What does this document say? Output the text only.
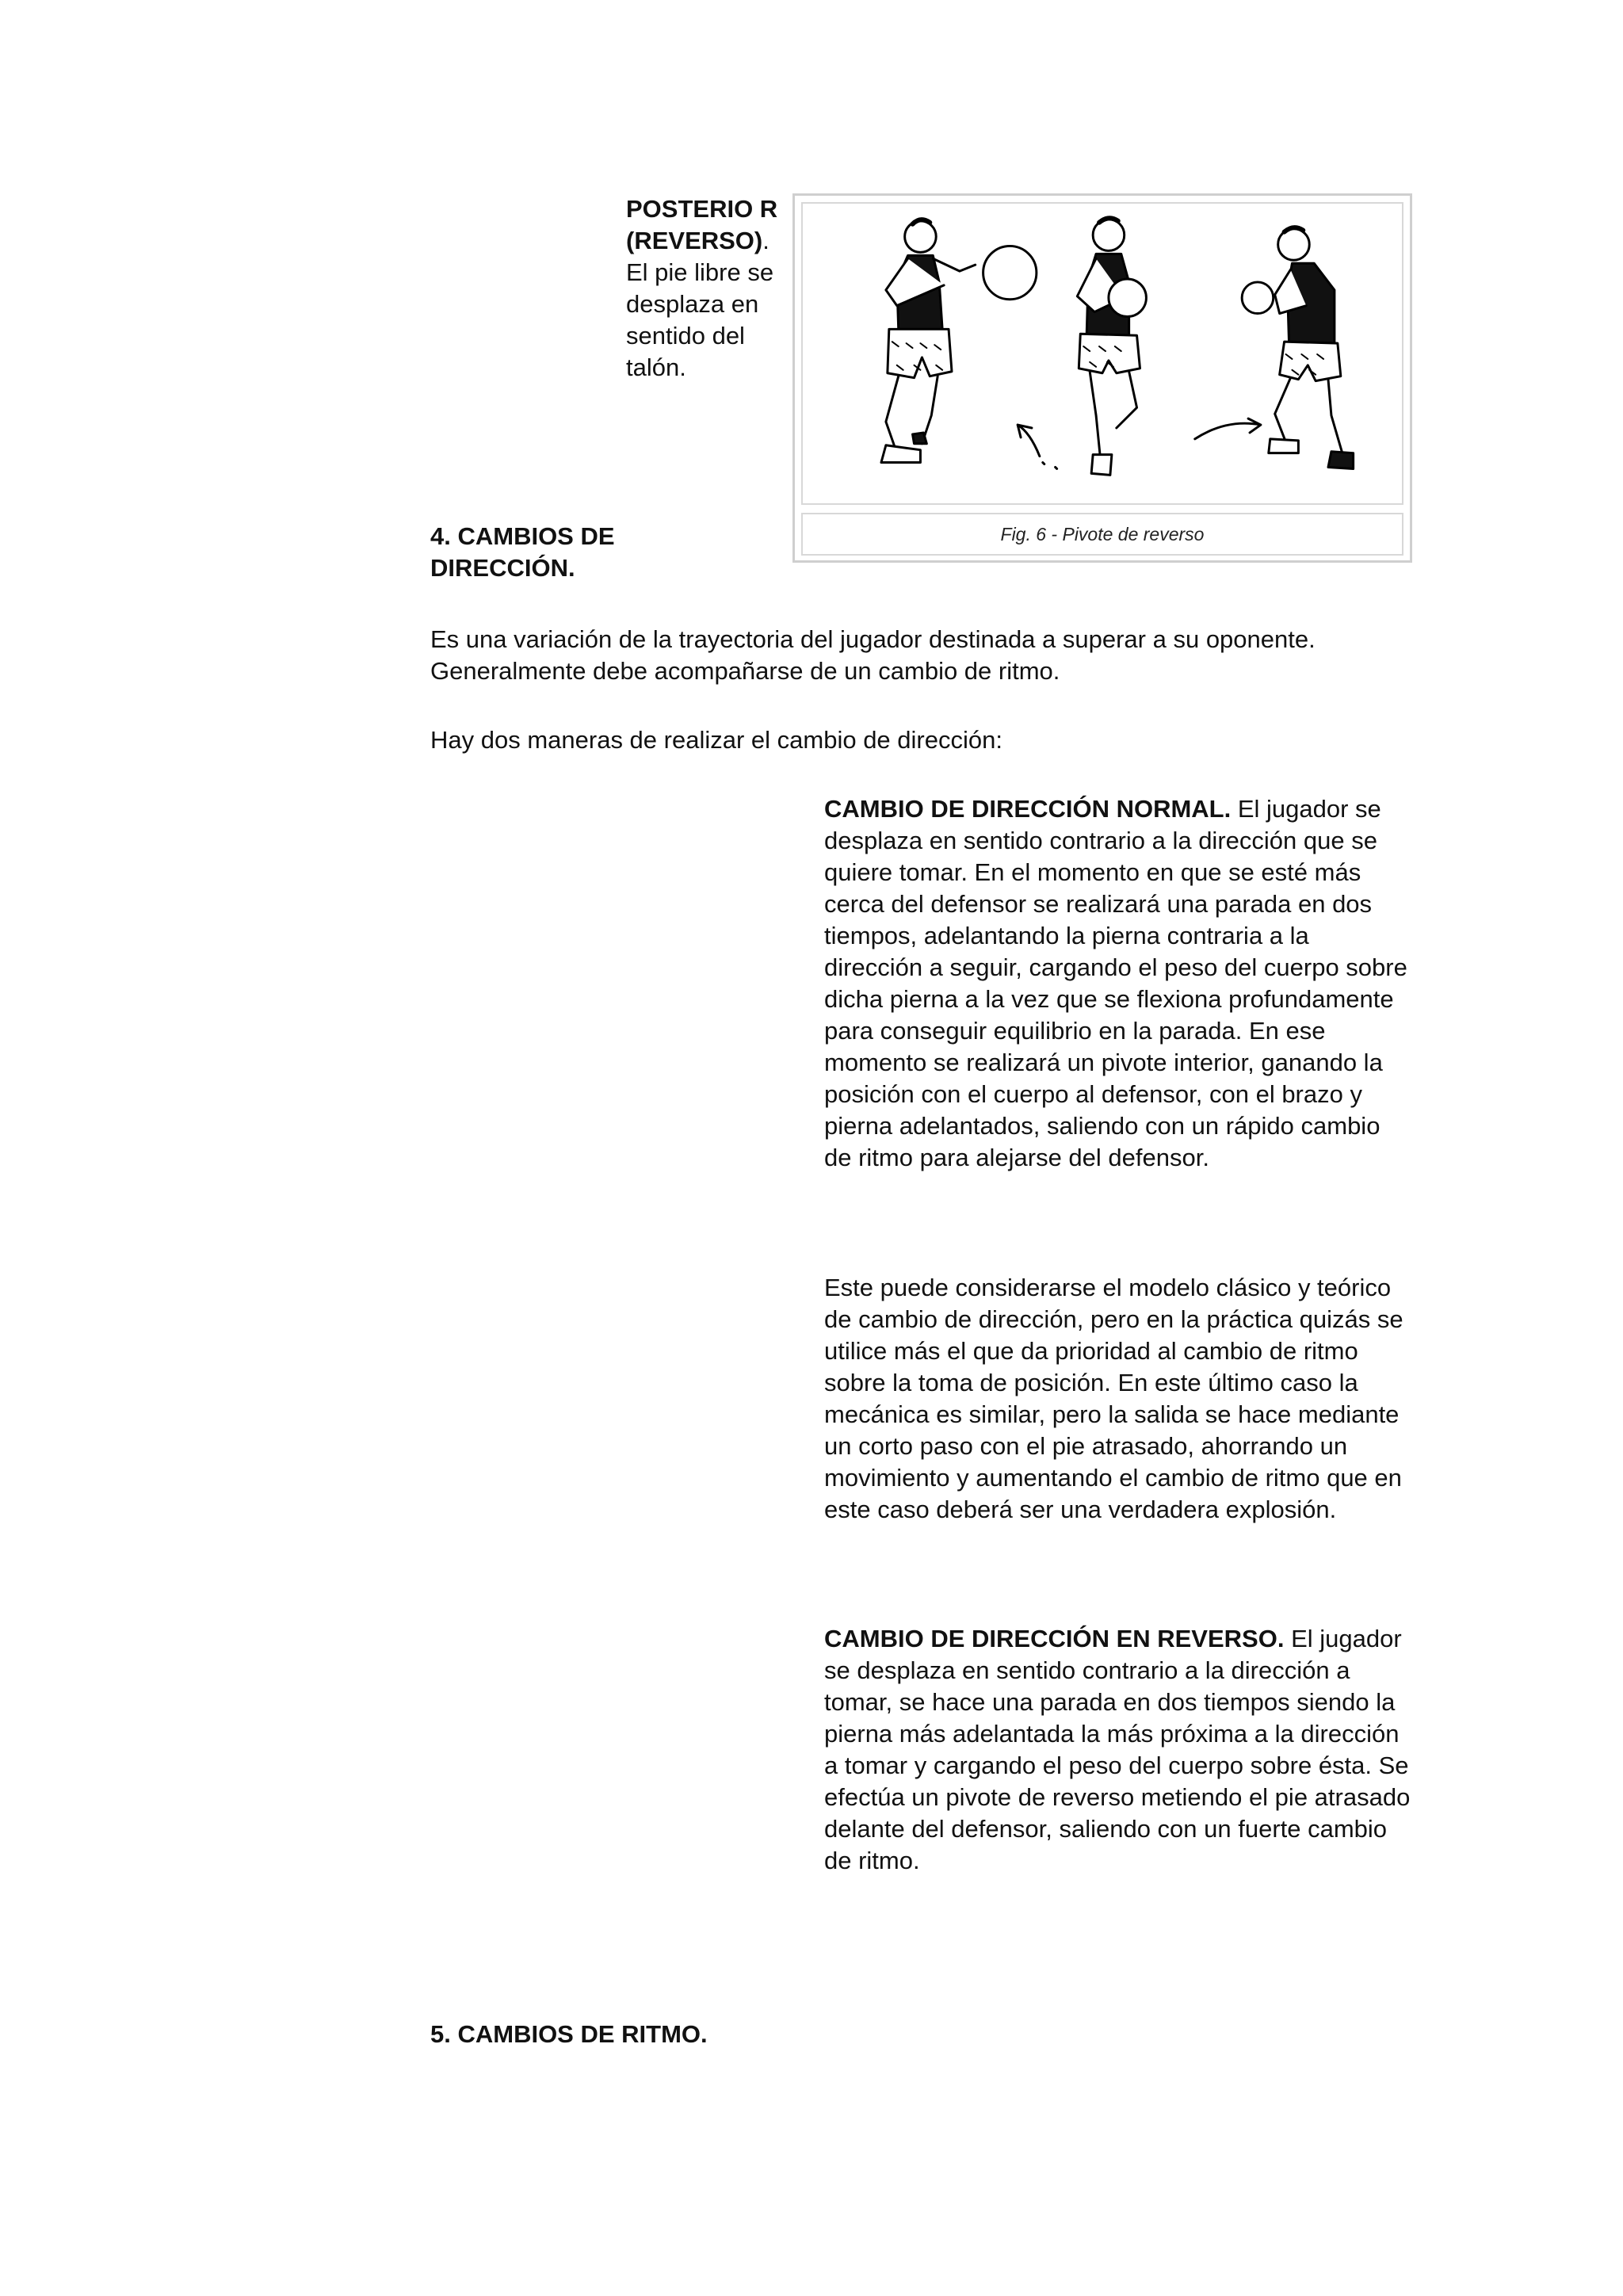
POSTERIO R (REVERSO). El pie libre se desplaza en sentido del talón.
Fig. 6 - Pivote de reverso
4. CAMBIOS DE DIRECCIÓN.
Es una variación de la trayectoria del jugador destinada a superar a su oponente. Generalmente debe acompañarse de un cambio de ritmo.
Hay dos maneras de realizar el cambio de dirección:
CAMBIO DE DIRECCIÓN NORMAL. El jugador se desplaza en sentido contrario a la dirección que se quiere tomar. En el momento en que se esté más cerca del defensor se realizará una parada en dos tiempos, adelantando la pierna contraria a la dirección a seguir, cargando el peso del cuerpo sobre dicha pierna a la vez que se flexiona profundamente para conseguir equilibrio en la parada. En ese momento se realizará un pivote interior, ganando la posición con el cuerpo al defensor, con el brazo y pierna adelantados, saliendo con un rápido cambio de ritmo para alejarse del defensor.
Este puede considerarse el modelo clásico y teórico de cambio de dirección, pero en la práctica quizás se utilice más el que da prioridad al cambio de ritmo sobre la toma de posición. En este último caso la mecánica es similar, pero la salida se hace mediante un corto paso con el pie atrasado, ahorrando un movimiento y aumentando el cambio de ritmo que en este caso deberá ser una verdadera explosión.
CAMBIO DE DIRECCIÓN EN REVERSO. El jugador se desplaza en sentido contrario a la dirección a tomar, se hace una parada en dos tiempos siendo la pierna más adelantada la más próxima a la dirección a tomar y cargando el peso del cuerpo sobre ésta. Se efectúa un pivote de reverso metiendo el pie atrasado delante del defensor, saliendo con un fuerte cambio de ritmo.
5. CAMBIOS DE RITMO.
